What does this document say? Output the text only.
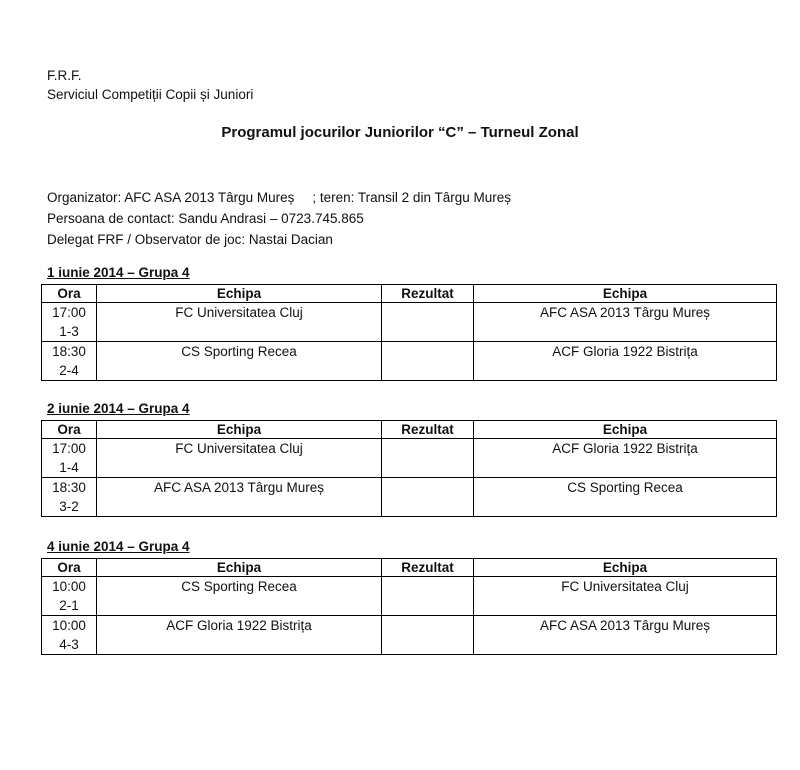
F.R.F.
Serviciul Competiții Copii și Juniori
Programul jocurilor Juniorilor “C” – Turneul Zonal
Organizator: AFC ASA 2013 Târgu Mureș ; teren: Transil 2 din Târgu Mureș
Persoana de contact: Sandu Andrasi – 0723.745.865
Delegat FRF / Observator de joc: Nastai Dacian
1 iunie 2014 – Grupa 4
Ora	Echipa	Rezultat	Echipa

17:00
1-3	FC Universitatea Cluj		AFC ASA 2013 Târgu Mureș

18:30
2-4	CS Sporting Recea		ACF Gloria 1922 Bistrița
2 iunie 2014 – Grupa 4
Ora	Echipa	Rezultat	Echipa

17:00
1-4	FC Universitatea Cluj		ACF Gloria 1922 Bistrița

18:30
3-2	AFC ASA 2013 Târgu Mureș		CS Sporting Recea
4 iunie 2014 – Grupa 4
Ora	Echipa	Rezultat	Echipa

10:00
2-1	CS Sporting Recea		FC Universitatea Cluj

10:00
4-3	ACF Gloria 1922 Bistrița		AFC ASA 2013 Târgu Mureș
